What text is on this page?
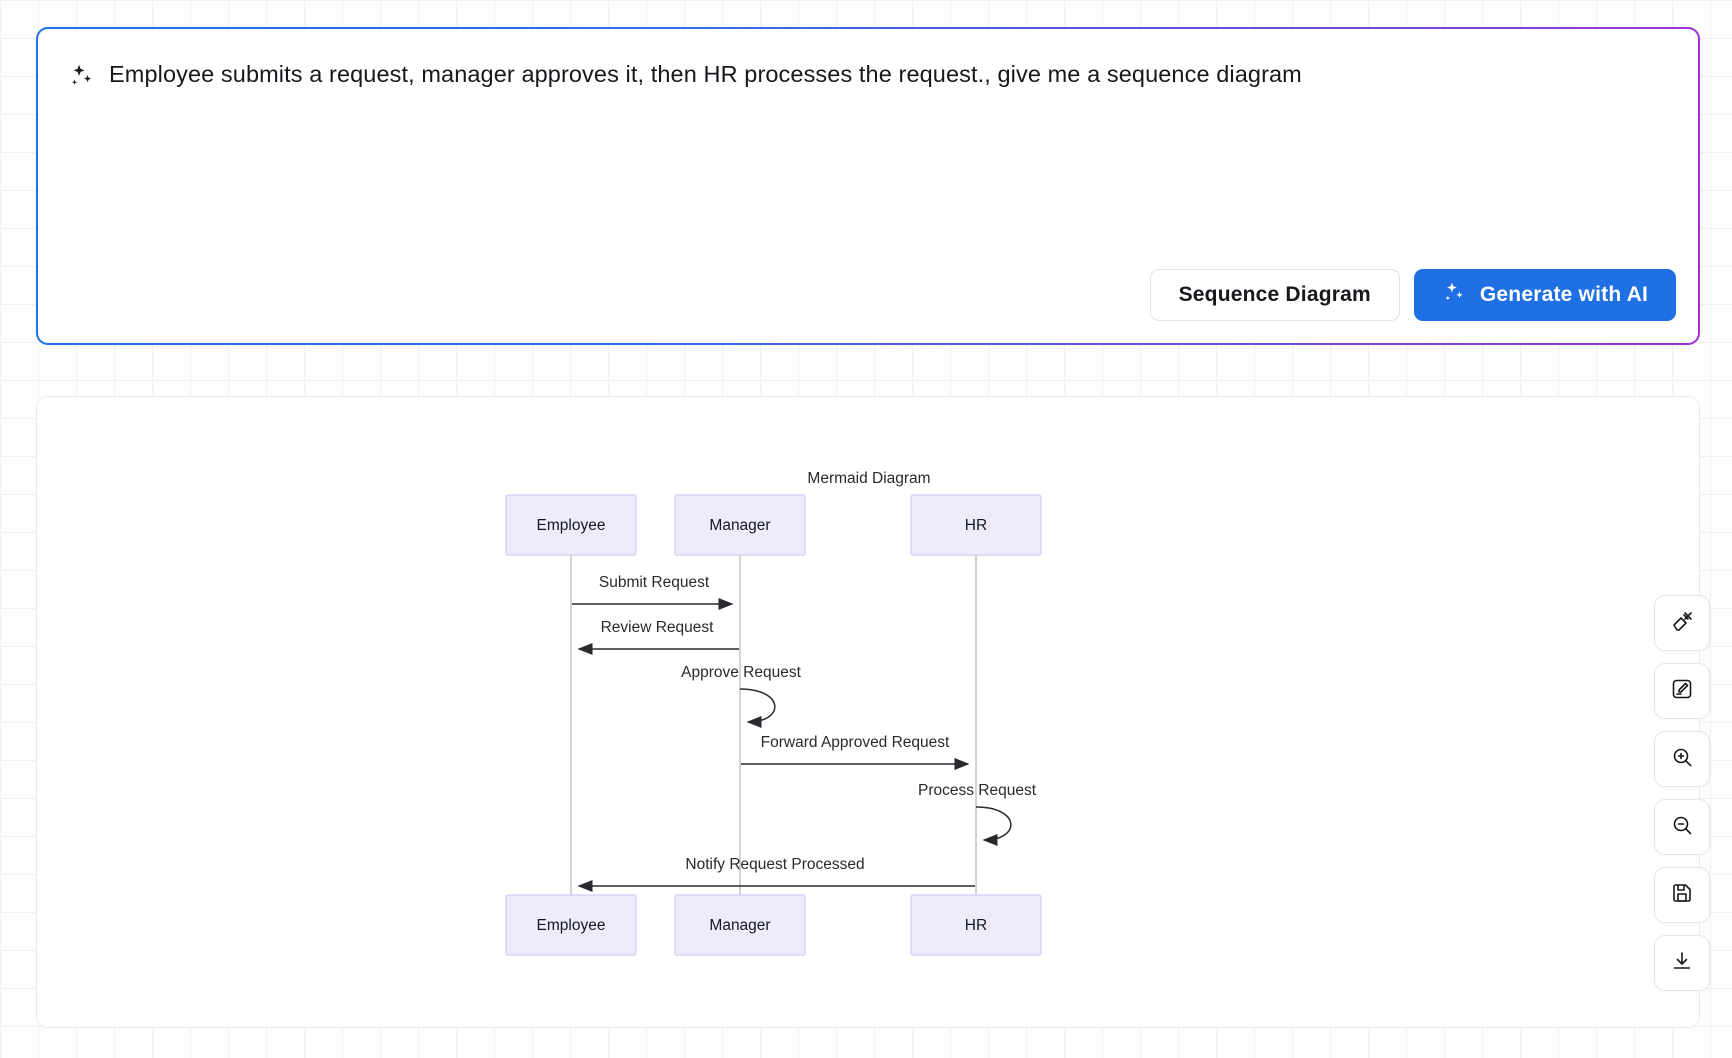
Employee submits a request, manager approves it, then HR processes the request., give me a sequence diagram
Sequence Diagram	Generate with AI
Mermaid Diagram
Employee	Manager	HR
Submit Request
Review Request
Approve Request
Forward Approved Request
Process Request
Notify Request Processed
Employee	Manager	HR
